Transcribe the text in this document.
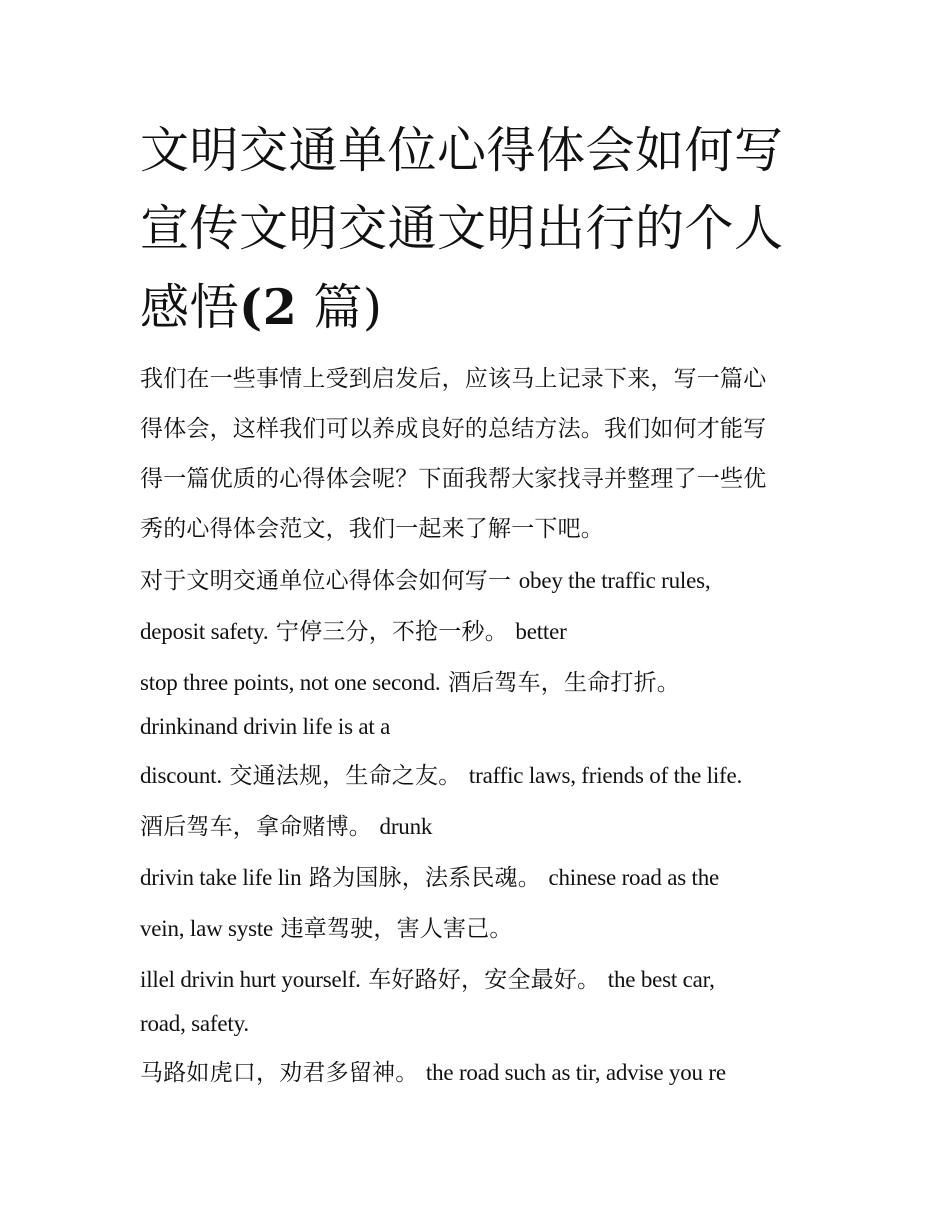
文明交通单位心得体会如何写
宣传文明交通文明出行的个人
感悟(2 篇)
我们在一些事情上受到启发后，应该马上记录下来，写一篇心
得体会，这样我们可以养成良好的总结方法。我们如何才能写
得一篇优质的心得体会呢？下面我帮大家找寻并整理了一些优
秀的心得体会范文，我们一起来了解一下吧。
对于文明交通单位心得体会如何写一 obey the traffic rules,
deposit safety. 宁停三分，不抢一秒。 better
stop three points, not one second. 酒后驾车，生命打折。
drinkinand drivin life is at a
discount. 交通法规，生命之友。 traffic laws, friends of the life.
酒后驾车，拿命赌博。 drunk
drivin take life lin 路为国脉，法系民魂。 chinese road as the
vein, law syste 违章驾驶，害人害己。
illel drivin hurt yourself. 车好路好，安全最好。 the best car,
road, safety.
马路如虎口，劝君多留神。 the road such as tir, advise you re
